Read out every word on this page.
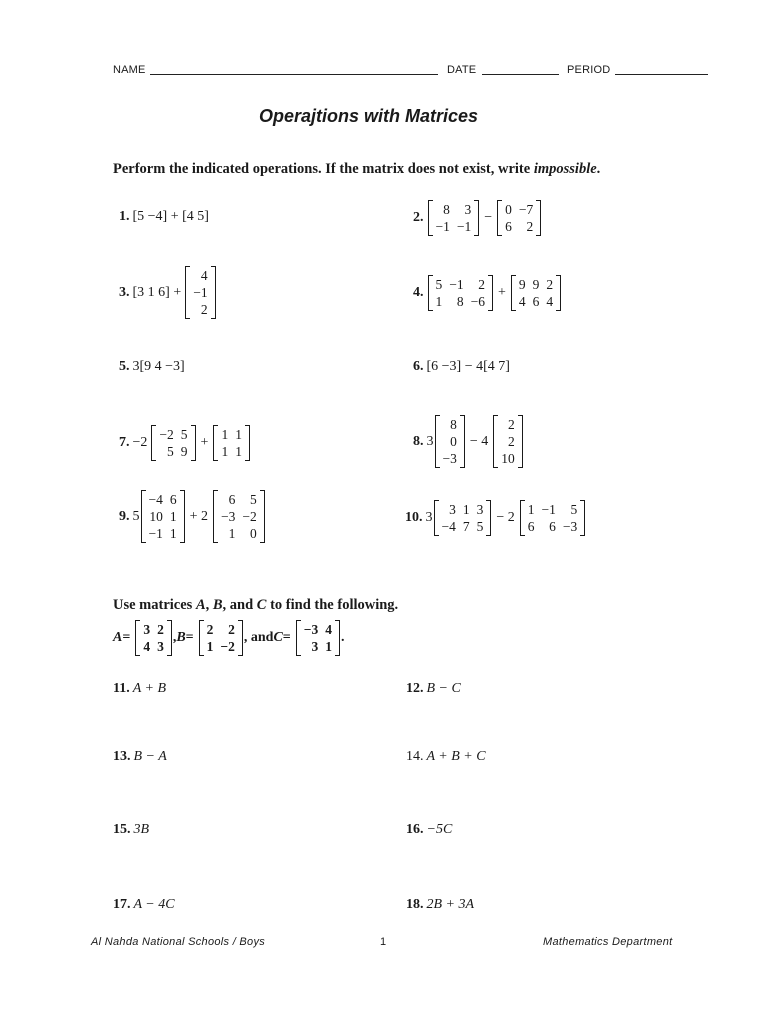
NAME	DATE	PERIOD
Operajtions with Matrices
Perform the indicated operations. If the matrix does not exist, write impossible.
1. [5 −4] + [4 5]	2.
8	3
−1 −1
−
0 −7
6	2
3. [3 1 6] +
4
−1
2
4.
5 −1	2
1	8 −6
+
9 9 2
4 6 4
5. 3[9 4 −3]	6. [6 −3] − 4[4 7]
7. −2
−2 5
5 9
+
1 1
1 1
8. 3
8
0
−3
− 4
2
2
10
9. 5
−4 6
10 1
−1 1
+ 2
6	5
−3 −2
1	0
10. 3
3 1 3
−4 7 5
− 2
1 −1	5
6	6 −3
Use matrices A, B, and C to find the following.
A =
3 2
4 3
, B =
2	2
1 −2
, and C =
−3 4
3 1
.
11. A + B	12. B − C
13. B − A	14. A + B + C
15. 3B	16. −5C
17. A − 4C	18. 2B + 3A
Al Nahda National Schools / Boys	1	Mathematics Department
